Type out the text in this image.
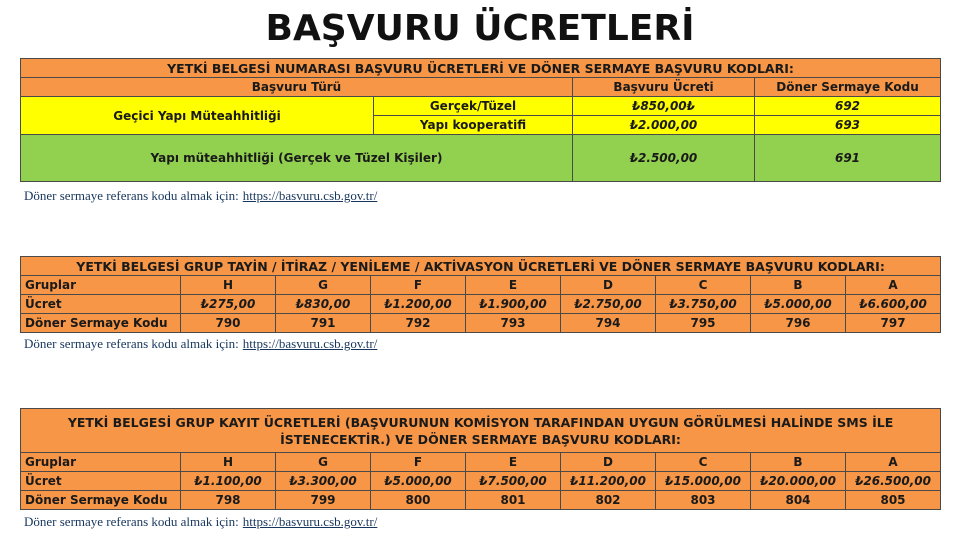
BAŞVURU ÜCRETLERİ
YETKİ BELGESİ NUMARASI BAŞVURU ÜCRETLERİ VE DÖNER SERMAYE BAŞVURU KODLARI:			
Başvuru Türü		Başvuru Ücreti	Döner Sermaye Kodu
Geçici Yapı Müteahhitliği	Gerçek/Tüzel	₺850,00₺	692
	Yapı kooperatifi	₺2.000,00	693
Yapı müteahhitliği (Gerçek ve Tüzel Kişiler)		₺2.500,00	691
Döner sermaye referans kodu almak için: https://basvuru.csb.gov.tr/
YETKİ BELGESİ GRUP TAYİN / İTİRAZ / YENİLEME / AKTİVASYON ÜCRETLERİ VE DÖNER SERMAYE BAŞVURU KODLARI:								
Gruplar	H	G	F	E	D	C	B	A
Ücret	₺275,00	₺830,00	₺1.200,00	₺1.900,00	₺2.750,00	₺3.750,00	₺5.000,00	₺6.600,00
Döner Sermaye Kodu	790	791	792	793	794	795	796	797
Döner sermaye referans kodu almak için: https://basvuru.csb.gov.tr/
YETKİ BELGESİ GRUP KAYIT ÜCRETLERİ (BAŞVURUNUN KOMİSYON TARAFINDAN UYGUN GÖRÜLMESİ HALİNDE SMS İLE İSTENECEKTİR.) VE DÖNER SERMAYE BAŞVURU KODLARI:								
Gruplar	H	G	F	E	D	C	B	A
Ücret	₺1.100,00	₺3.300,00	₺5.000,00	₺7.500,00	₺11.200,00	₺15.000,00	₺20.000,00	₺26.500,00
Döner Sermaye Kodu	798	799	800	801	802	803	804	805
Döner sermaye referans kodu almak için: https://basvuru.csb.gov.tr/
